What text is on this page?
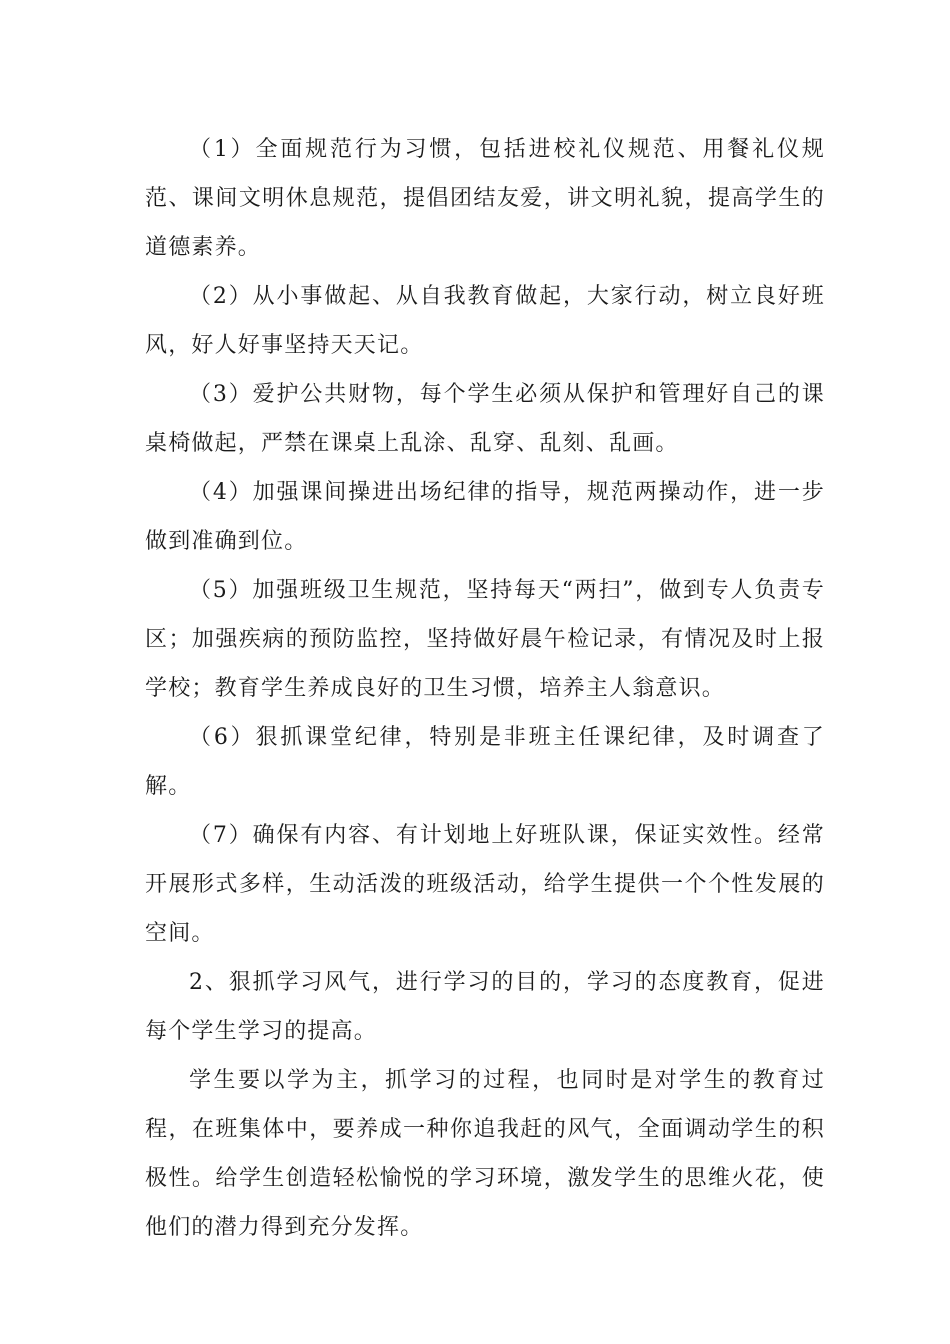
（1）全面规范行为习惯，包括进校礼仪规范、用餐礼仪规范、课间文明休息规范，提倡团结友爱，讲文明礼貌，提高学生的道德素养。

（2）从小事做起、从自我教育做起，大家行动，树立良好班风，好人好事坚持天天记。

（3）爱护公共财物，每个学生必须从保护和管理好自己的课桌椅做起，严禁在课桌上乱涂、乱穿、乱刻、乱画。

（4）加强课间操进出场纪律的指导，规范两操动作，进一步做到准确到位。

（5）加强班级卫生规范，坚持每天“两扫”，做到专人负责专区；加强疾病的预防监控，坚持做好晨午检记录，有情况及时上报学校；教育学生养成良好的卫生习惯，培养主人翁意识。

（6）狠抓课堂纪律，特别是非班主任课纪律，及时调查了解。

（7）确保有内容、有计划地上好班队课，保证实效性。经常开展形式多样，生动活泼的班级活动，给学生提供一个个性发展的空间。

2、狠抓学习风气，进行学习的目的，学习的态度教育，促进每个学生学习的提高。

学生要以学为主，抓学习的过程，也同时是对学生的教育过程，在班集体中，要养成一种你追我赶的风气，全面调动学生的积极性。给学生创造轻松愉悦的学习环境，激发学生的思维火花，使他们的潜力得到充分发挥。
